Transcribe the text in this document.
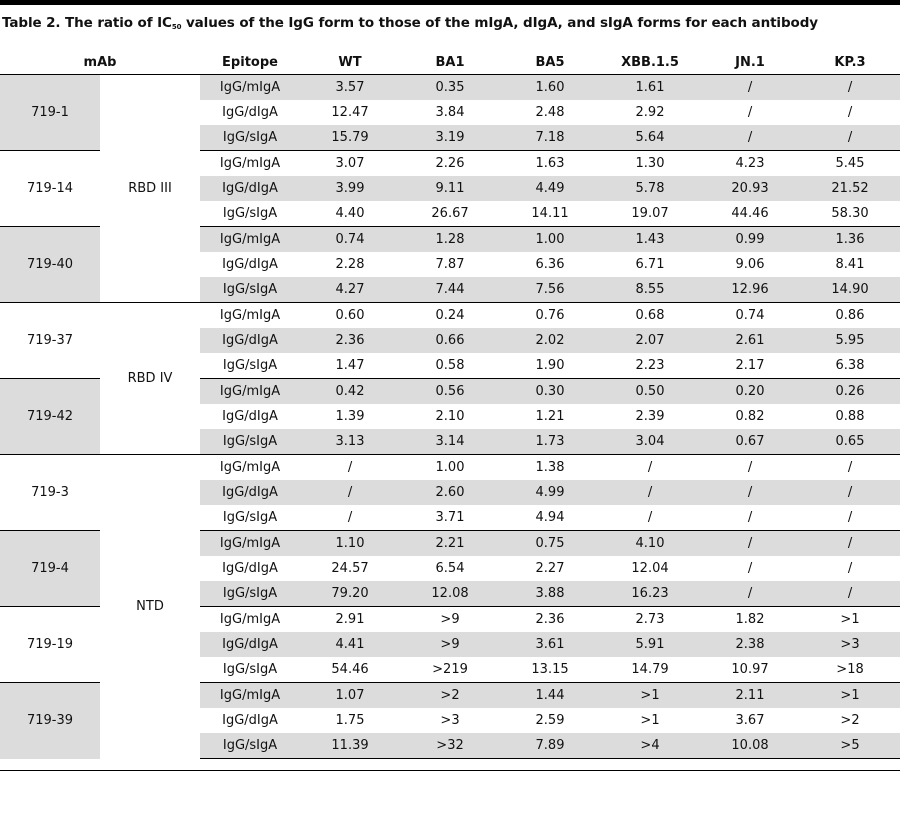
Table 2. The ratio of $IC_{50}$ values of the IgG form to those of the mIgA, dIgA, and sIgA forms for each antibody
mAb		Epitope	WT	BA1	BA5	XBB.1.5	JN.1	KP.3
719-1	RBD III	IgG/mIgA	3.57	0.35	1.60	1.61	/	/
		IgG/dIgA	12.47	3.84	2.48	2.92	/	/
		IgG/sIgA	15.79	3.19	7.18	5.64	/	/
719-14		IgG/mIgA	3.07	2.26	1.63	1.30	4.23	5.45
		IgG/dIgA	3.99	9.11	4.49	5.78	20.93	21.52
		IgG/sIgA	4.40	26.67	14.11	19.07	44.46	58.30
719-40		IgG/mIgA	0.74	1.28	1.00	1.43	0.99	1.36
		IgG/dIgA	2.28	7.87	6.36	6.71	9.06	8.41
		IgG/sIgA	4.27	7.44	7.56	8.55	12.96	14.90
719-37	RBD IV	IgG/mIgA	0.60	0.24	0.76	0.68	0.74	0.86
		IgG/dIgA	2.36	0.66	2.02	2.07	2.61	5.95
		IgG/sIgA	1.47	0.58	1.90	2.23	2.17	6.38
719-42		IgG/mIgA	0.42	0.56	0.30	0.50	0.20	0.26
		IgG/dIgA	1.39	2.10	1.21	2.39	0.82	0.88
		IgG/sIgA	3.13	3.14	1.73	3.04	0.67	0.65
719-3	NTD	IgG/mIgA	/	1.00	1.38	/	/	/
		IgG/dIgA	/	2.60	4.99	/	/	/
		IgG/sIgA	/	3.71	4.94	/	/	/
719-4		IgG/mIgA	1.10	2.21	0.75	4.10	/	/
		IgG/dIgA	24.57	6.54	2.27	12.04	/	/
		IgG/sIgA	79.20	12.08	3.88	16.23	/	/
719-19		IgG/mIgA	2.91	>9	2.36	2.73	1.82	>1
		IgG/dIgA	4.41	>9	3.61	5.91	2.38	>3
		IgG/sIgA	54.46	>219	13.15	14.79	10.97	>18
719-39		IgG/mIgA	1.07	>2	1.44	>1	2.11	>1
		IgG/dIgA	1.75	>3	2.59	>1	3.67	>2
		IgG/sIgA	11.39	>32	7.89	>4	10.08	>5
